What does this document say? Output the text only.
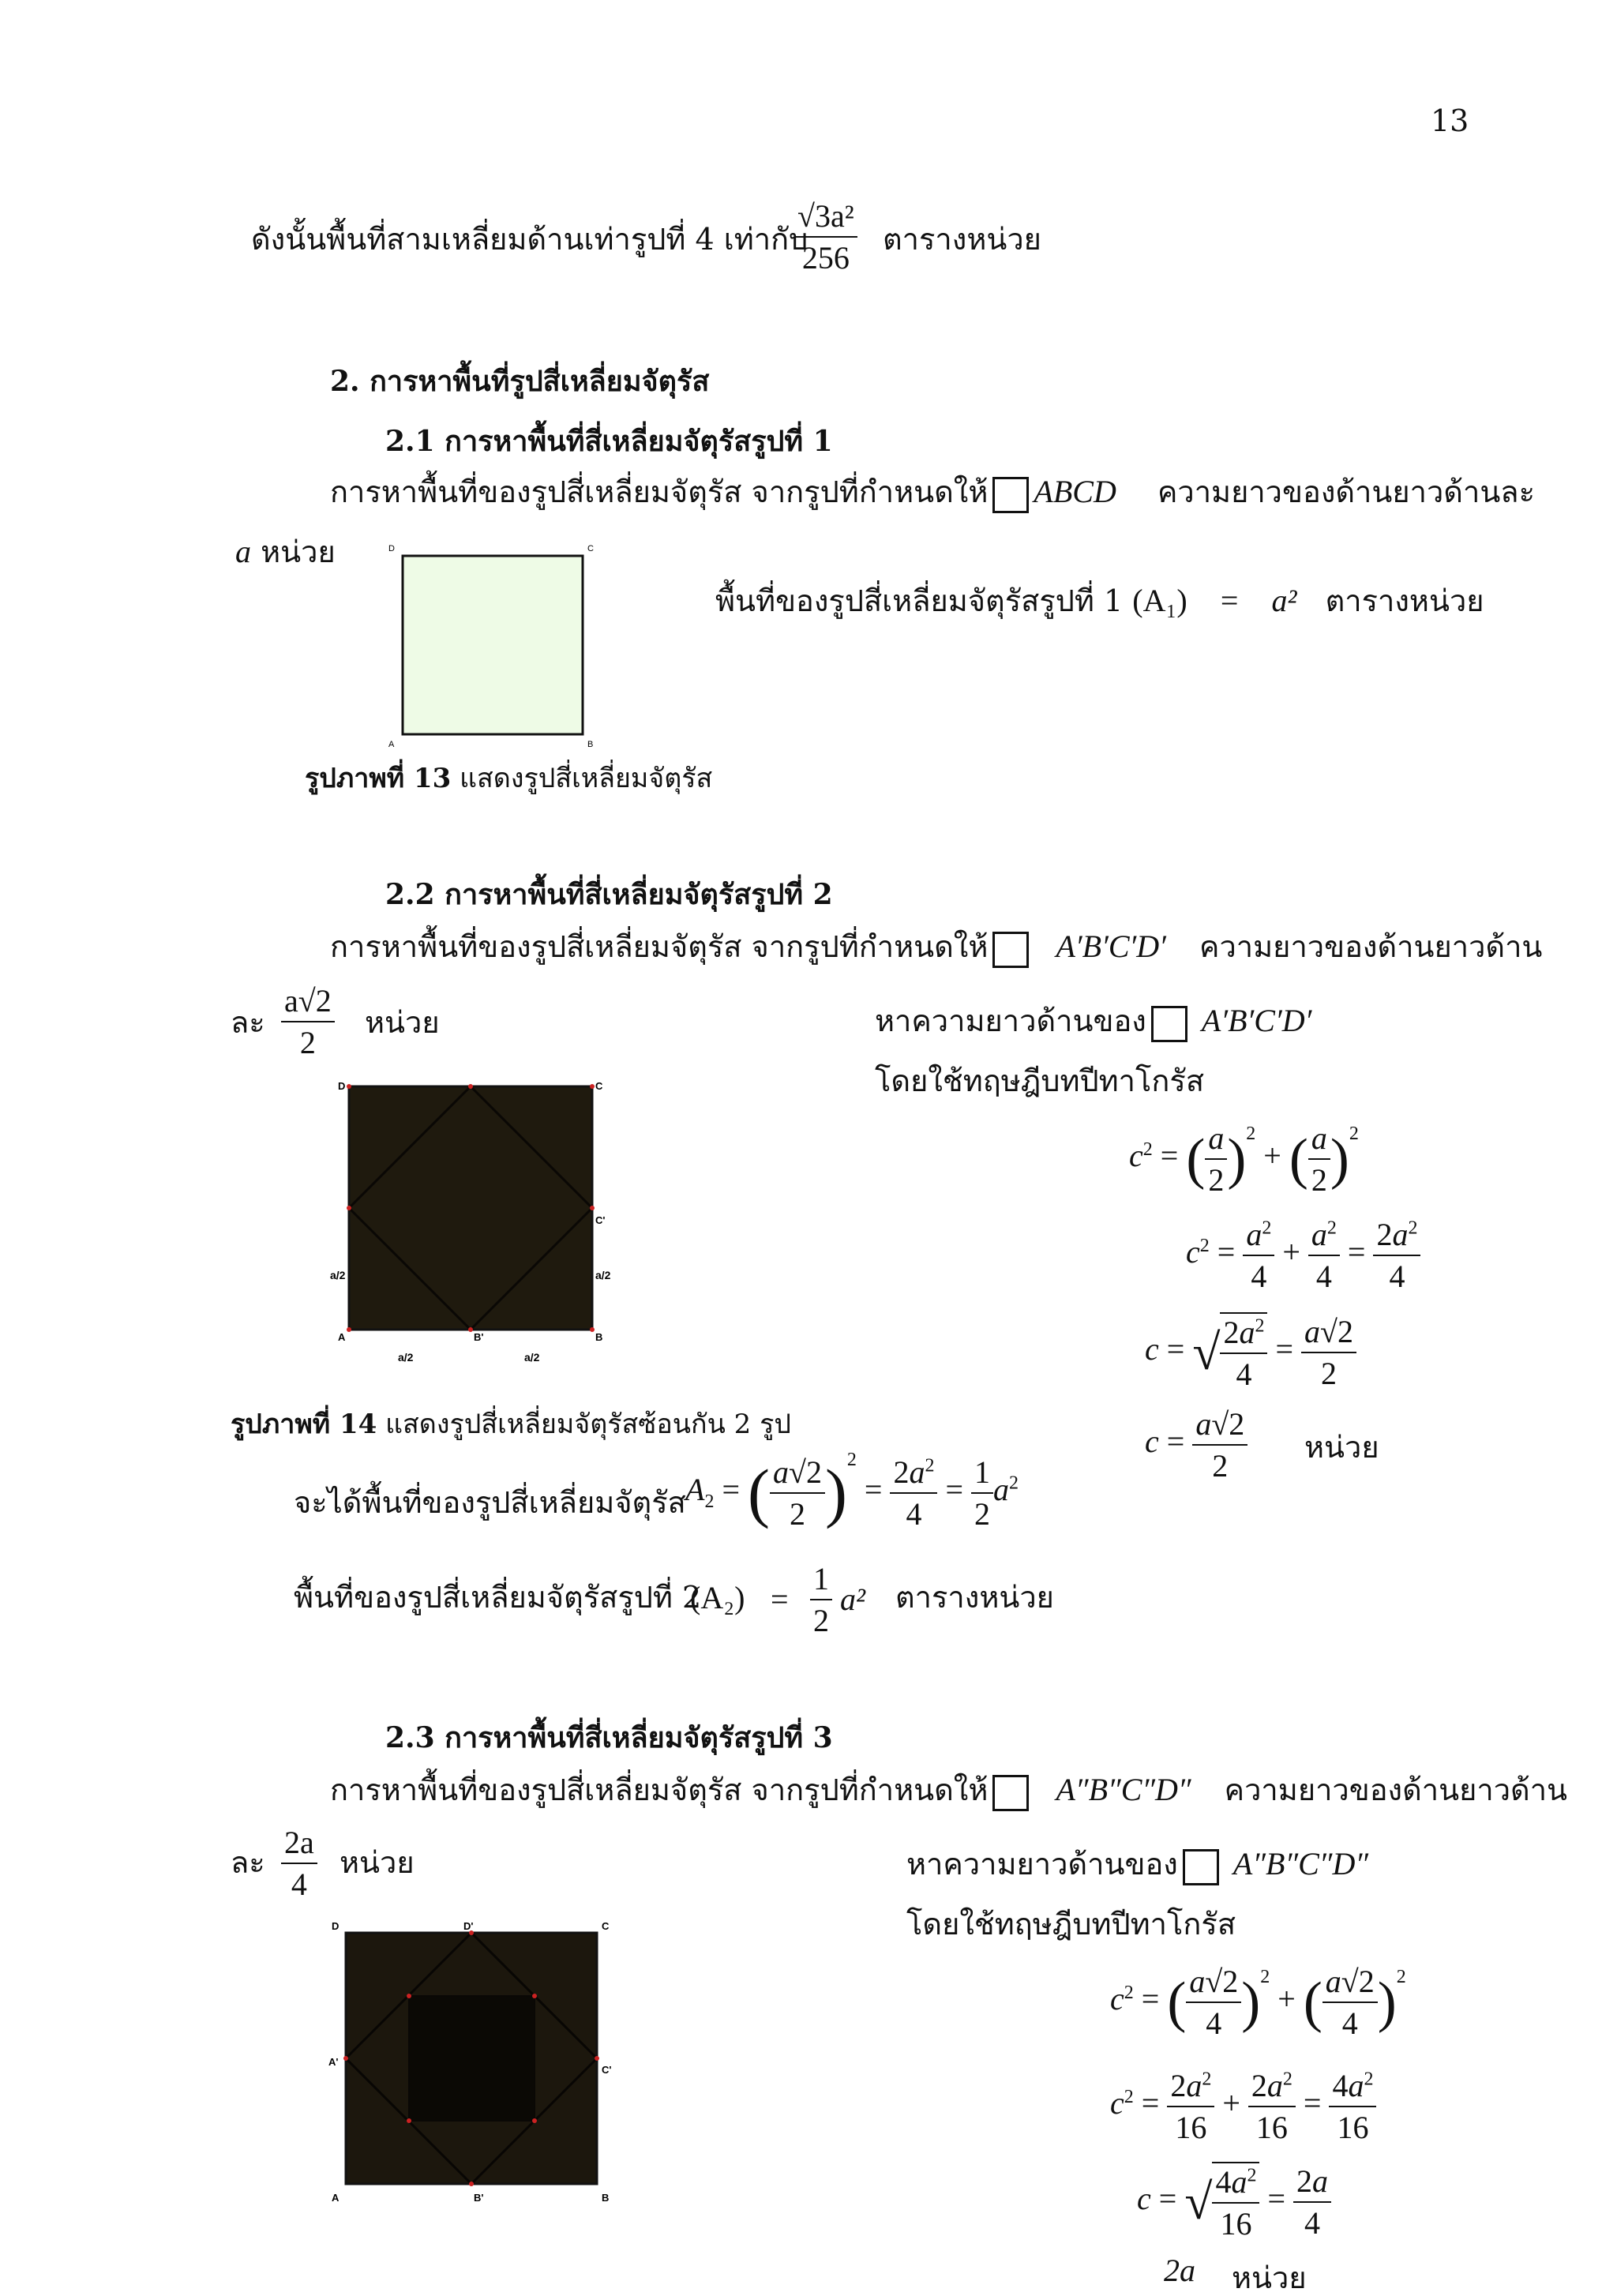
13
ดังนั้นพื้นที่สามเหลี่ยมด้านเท่ารูปที่ 4 เท่ากับ
$\frac{\text{√3a²}}{256}$ ตารางหน่วย
2. การหาพื้นที่รูปสี่เหลี่ยมจัตุรัส
2.1 การหาพื้นที่สี่เหลี่ยมจัตุรัสรูปที่ 1
การหาพื้นที่ของรูปสี่เหลี่ยมจัตุรัส จากรูปที่กำหนดให้ ABCD ความยาวของด้านยาวด้านละ
a หน่วย	D	C
A	B
พื้นที่ของรูปสี่เหลี่ยมจัตุรัสรูปที่ 1 (A₁) = a² ตารางหน่วย
รูปภาพที่ 13 แสดงรูปสี่เหลี่ยมจัตุรัส
2.2 การหาพื้นที่สี่เหลี่ยมจัตุรัสรูปที่ 2
การหาพื้นที่ของรูปสี่เหลี่ยมจัตุรัส จากรูปที่กำหนดให้ A′B′C′D′ ความยาวของด้านยาวด้าน
ละ $\frac{a√2}{2}$ หน่วย	หาความยาวด้านของ A′B′C′D′
โดยใช้ทฤษฎีบทปีทาโกรัส
D	C
C'
A	B'	B
a/2	a/2
a/2	a/2
$c^2$ = ( $\frac{a}{2} )^2$ + ( $\frac{a}{2} )^2$
$c^2 = \frac{a^2}{4} + \frac{a^2}{4} = \frac{2a^2}{4}$
c = √ $\frac{2a^2}{4} = \frac{a√2}{2}$
$c = \frac{a√2}{2}$ หน่วย
รูปภาพที่ 14 แสดงรูปสี่เหลี่ยมจัตุรัสซ้อนกัน 2 รูป
จะได้พื้นที่ของรูปสี่เหลี่ยมจัตุรัส $A_2$ = ( $\frac{a√2}{2} )^2 = \frac{2a^2}{4} = \frac{1}{2} a^2$
พื้นที่ของรูปสี่เหลี่ยมจัตุรัสรูปที่ 2
$(A_2) = \frac{1}{2} a^2$ ตารางหน่วย
2.3 การหาพื้นที่สี่เหลี่ยมจัตุรัสรูปที่ 3
การหาพื้นที่ของรูปสี่เหลี่ยมจัตุรัส จากรูปที่กำหนดให้ A″B″C″D″ ความยาวของด้านยาวด้าน
ละ $\frac{2a}{4}$ หน่วย	หาความยาวด้านของ A″B″C″D″
โดยใช้ทฤษฎีบทปีทาโกรัส
D	D'	C
A'
C'
A	B'	B
$c^2$ = ( $\frac{a√2}{4} )^2$ + ( $\frac{a√2}{4} )^2$
$c^2 = \frac{2a^2}{16} + \frac{2a^2}{16} = \frac{4a^2}{16}$
c = √ $\frac{4a^2}{16} = \frac{2a}{4}$
2a หน่วย
